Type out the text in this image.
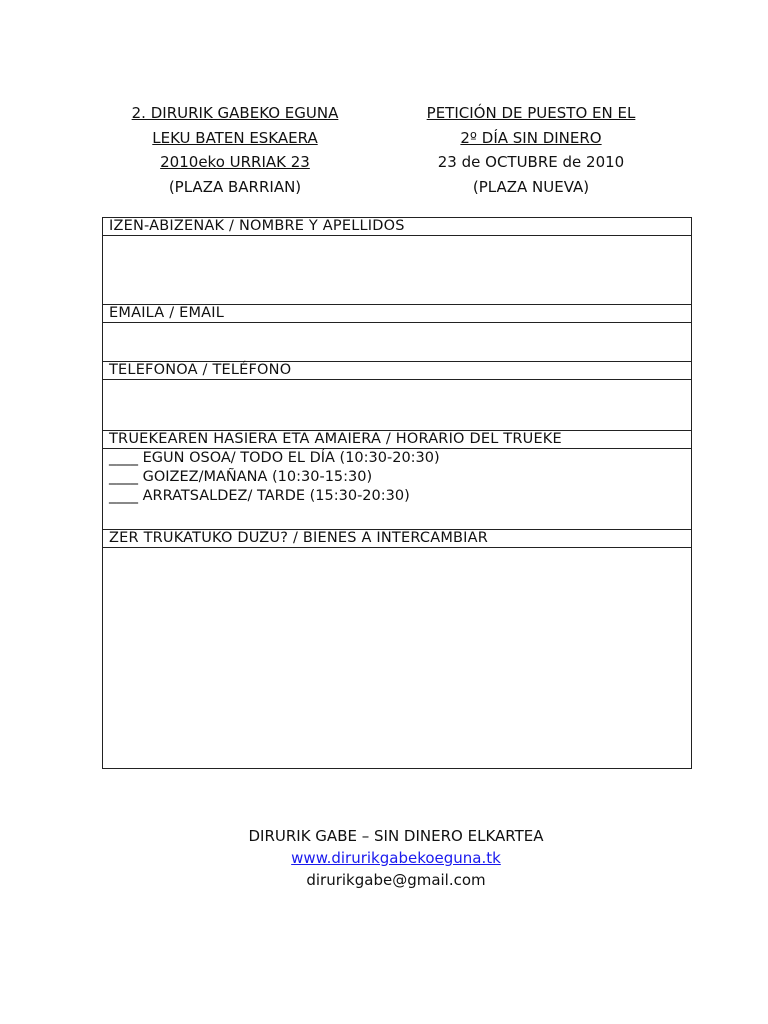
2. DIRURIK GABEKO EGUNA
LEKU BATEN ESKAERA
2010eko URRIAK 23
(PLAZA BARRIAN)
PETICIÓN DE PUESTO EN EL
2º DÍA SIN DINERO
23 de OCTUBRE de 2010
(PLAZA NUEVA)
IZEN-ABIZENAK / NOMBRE Y APELLIDOS

EMAILA / EMAIL

TELEFONOA / TELÉFONO

TRUEKEAREN HASIERA ETA AMAIERA / HORARIO DEL TRUEKE

____ EGUN OSOA/ TODO EL DÍA (10:30-20:30)
____ GOIZEZ/MAÑANA (10:30-15:30)
____ ARRATSALDEZ/ TARDE (15:30-20:30)

ZER TRUKATUKO DUZU? / BIENES A INTERCAMBIAR

DIRURIK GABE – SIN DINERO ELKARTEA
www.dirurikgabekoeguna.tk
dirurikgabe@gmail.com
